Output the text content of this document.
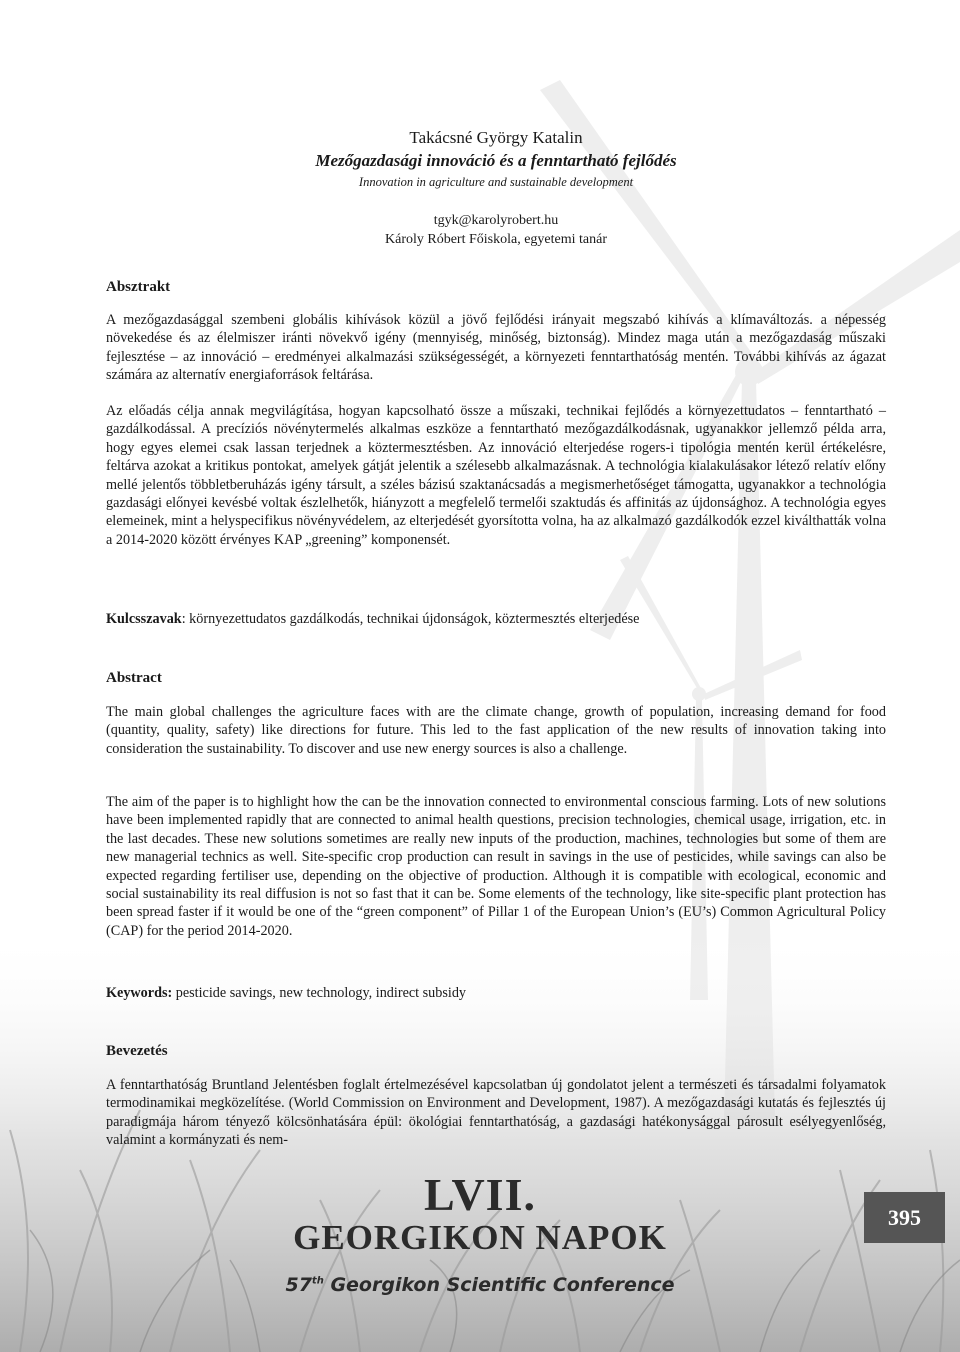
Takácsné György Katalin
Mezőgazdasági innováció és a fenntartható fejlődés
Innovation in agriculture and sustainable development
tgyk@karolyrobert.hu
Károly Róbert Főiskola, egyetemi tanár
Absztrakt
A mezőgazdasággal szembeni globális kihívások közül a jövő fejlődési irányait megszabó kihívás a klímaváltozás. a népesség növekedése és az élelmiszer iránti növekvő igény (mennyiség, minőség, biztonság). Mindez maga után a mezőgazdaság műszaki fejlesztése – az innováció – eredményei alkalmazási szükségességét, a környezeti fenntarthatóság mentén. További kihívás az ágazat számára az alternatív energiaforrások feltárása.
Az előadás célja annak megvilágítása, hogyan kapcsolható össze a műszaki, technikai fejlődés a környezettudatos – fenntartható – gazdálkodással. A precíziós növénytermelés alkalmas eszköze a fenntartható mezőgazdálkodásnak, ugyanakkor jellemző példa arra, hogy egyes elemei csak lassan terjednek a köztermesztésben. Az innováció elterjedése rogers-i tipológia mentén kerül értékelésre, feltárva azokat a kritikus pontokat, amelyek gátját jelentik a szélesebb alkalmazásnak. A technológia kialakulásakor létező relatív előny mellé jelentős többletberuházás igény társult, a széles bázisú szaktanácsadás a megismerhetőséget támogatta, ugyanakkor a technológia gazdasági előnyei kevésbé voltak észlelhetők, hiányzott a megfelelő termelői szaktudás és affinitás az újdonsághoz. A technológia egyes elemeinek, mint a helyspecifikus növényvédelem, az elterjedését gyorsította volna, ha az alkalmazó gazdálkodók ezzel kiválthatták volna a 2014-2020 között érvényes KAP „greening” komponensét.
Kulcsszavak: környezettudatos gazdálkodás, technikai újdonságok, köztermesztés elterjedése
Abstract
The main global challenges the agriculture faces with are the climate change, growth of population, increasing demand for food (quantity, quality, safety) like directions for future. This led to the fast application of the new results of innovation taking into consideration the sustainability. To discover and use new energy sources is also a challenge.
The aim of the paper is to highlight how the can be the innovation connected to environmental conscious farming. Lots of new solutions have been implemented rapidly that are connected to animal health questions, precision technologies, chemical usage, irrigation, etc. in the last decades. These new solutions sometimes are really new inputs of the production, machines, technologies but some of them are new managerial technics as well. Site-specific crop production can result in savings in the use of pesticides, while savings can also be expected regarding fertiliser use, depending on the objective of production. Although it is compatible with ecological, economic and social sustainability its real diffusion is not so fast that it can be. Some elements of the technology, like site-specific plant protection has been spread faster if it would be one of the “green component” of Pillar 1 of the European Union’s (EU’s) Common Agricultural Policy (CAP) for the period 2014-2020.
Keywords: pesticide savings, new technology, indirect subsidy
Bevezetés
A fenntarthatóság Bruntland Jelentésben foglalt értelmezésével kapcsolatban új gondolatot jelent a természeti és társadalmi folyamatok termodinamikai megközelítése. (World Commission on Environment and Development, 1987). A mezőgazdasági kutatás és fejlesztés új paradigmája három tényező kölcsönhatására épül: ökológiai fenntarthatóság, a gazdasági hatékonysággal párosult esélyegyenlőség, valamint a kormányzati és nem-
LVII.
GEORGIKON NAPOK
57th Georgikon Scientific Conference
395
